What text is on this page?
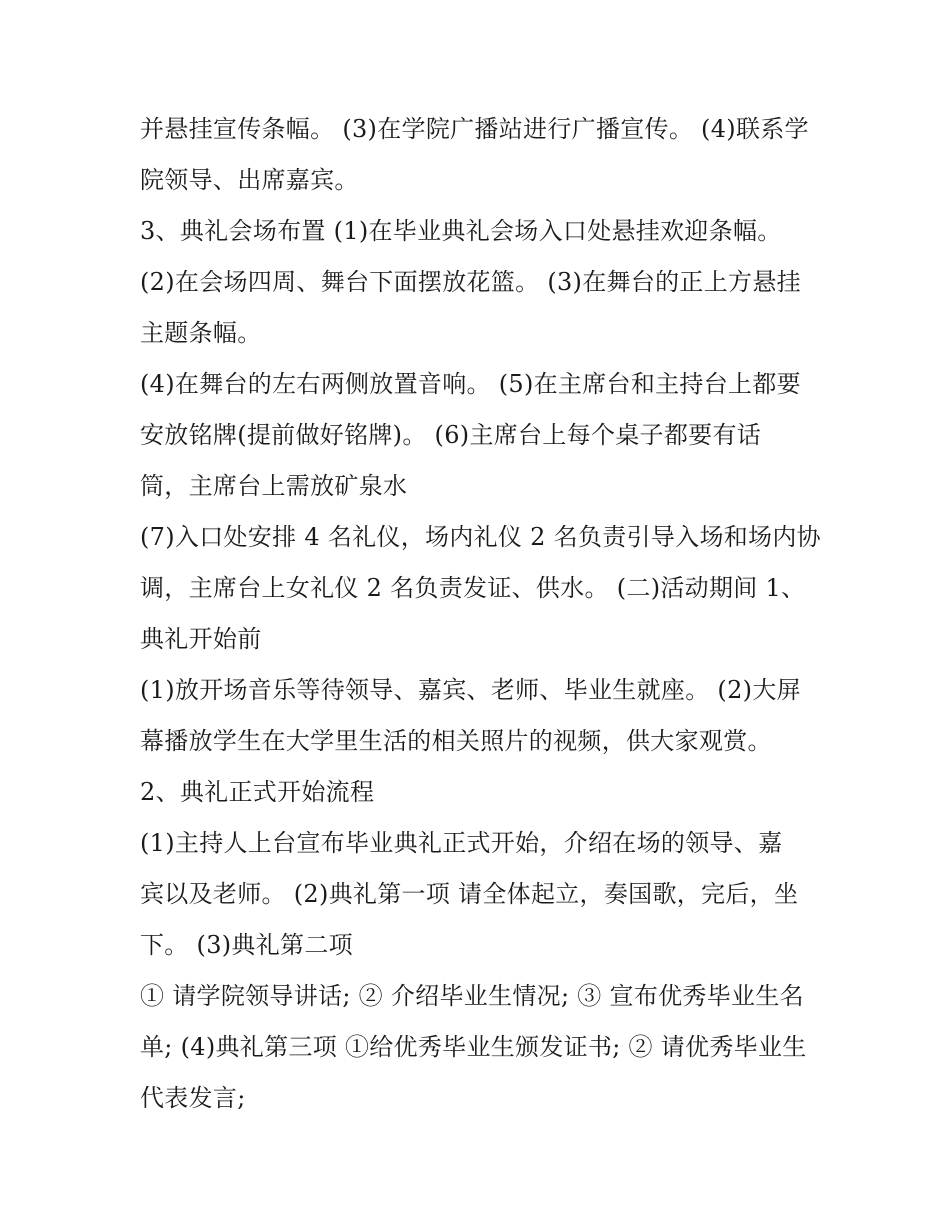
并悬挂宣传条幅。 (3)在学院广播站进行广播宣传。 (4)联系学
院领导、出席嘉宾。
3、典礼会场布置 (1)在毕业典礼会场入口处悬挂欢迎条幅。
(2)在会场四周、舞台下面摆放花篮。 (3)在舞台的正上方悬挂
主题条幅。
(4)在舞台的左右两侧放置音响。 (5)在主席台和主持台上都要
安放铭牌(提前做好铭牌)。 (6)主席台上每个桌子都要有话
筒，主席台上需放矿泉水
(7)入口处安排 4 名礼仪，场内礼仪 2 名负责引导入场和场内协
调，主席台上女礼仪 2 名负责发证、供水。 (二)活动期间 1、
典礼开始前
(1)放开场音乐等待领导、嘉宾、老师、毕业生就座。 (2)大屏
幕播放学生在大学里生活的相关照片的视频，供大家观赏。
2、典礼正式开始流程
(1)主持人上台宣布毕业典礼正式开始，介绍在场的领导、嘉
宾以及老师。 (2)典礼第一项 请全体起立，奏国歌，完后，坐
下。 (3)典礼第二项
① 请学院领导讲话; ② 介绍毕业生情况; ③ 宣布优秀毕业生名
单; (4)典礼第三项 ①给优秀毕业生颁发证书; ② 请优秀毕业生
代表发言;
